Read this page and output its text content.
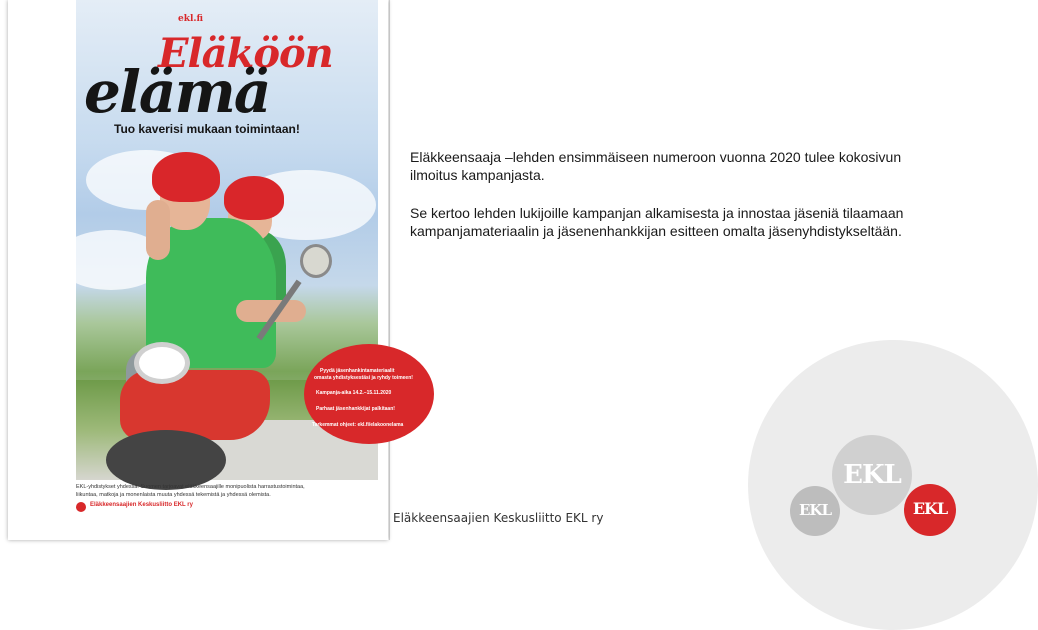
EKL
EKL	EKL
Pyydä jäsenhankintamateriaalit
omasta yhdistyksestäsi ja ryhdy toimeen!
Kampanja-aika 14.2.–15.11.2020
Parhaat jäsenhankkijat palkitaan!
Tarkemmat ohjeet: ekl.fi/elakoonelama
ekl.fi
Eläköön
elämä
Tuo kaverisi mukaan toimintaan!
EKL-yhdistykset yhdessä: Suomen tarjoavat eläkkeensaajille monipuolista harrastustoimintaa,
liikuntaa, matkoja ja monenlaista muuta yhdessä tekemistä ja yhdessä olemista.
Eläkkeensaajien Keskusliitto EKL ry

Eläkkeensaaja –lehden ensimmäiseen numeroon vuonna 2020 tulee kokosivun ilmoitus kampanjasta.

Se kertoo lehden lukijoille kampanjan alkamisesta ja innostaa jäseniä tilaamaan kampanjamateriaalin ja jäsenenhankkijan esitteen omalta jäsenyhdistykseltään.

Eläkkeensaajien Keskusliitto EKL ry
